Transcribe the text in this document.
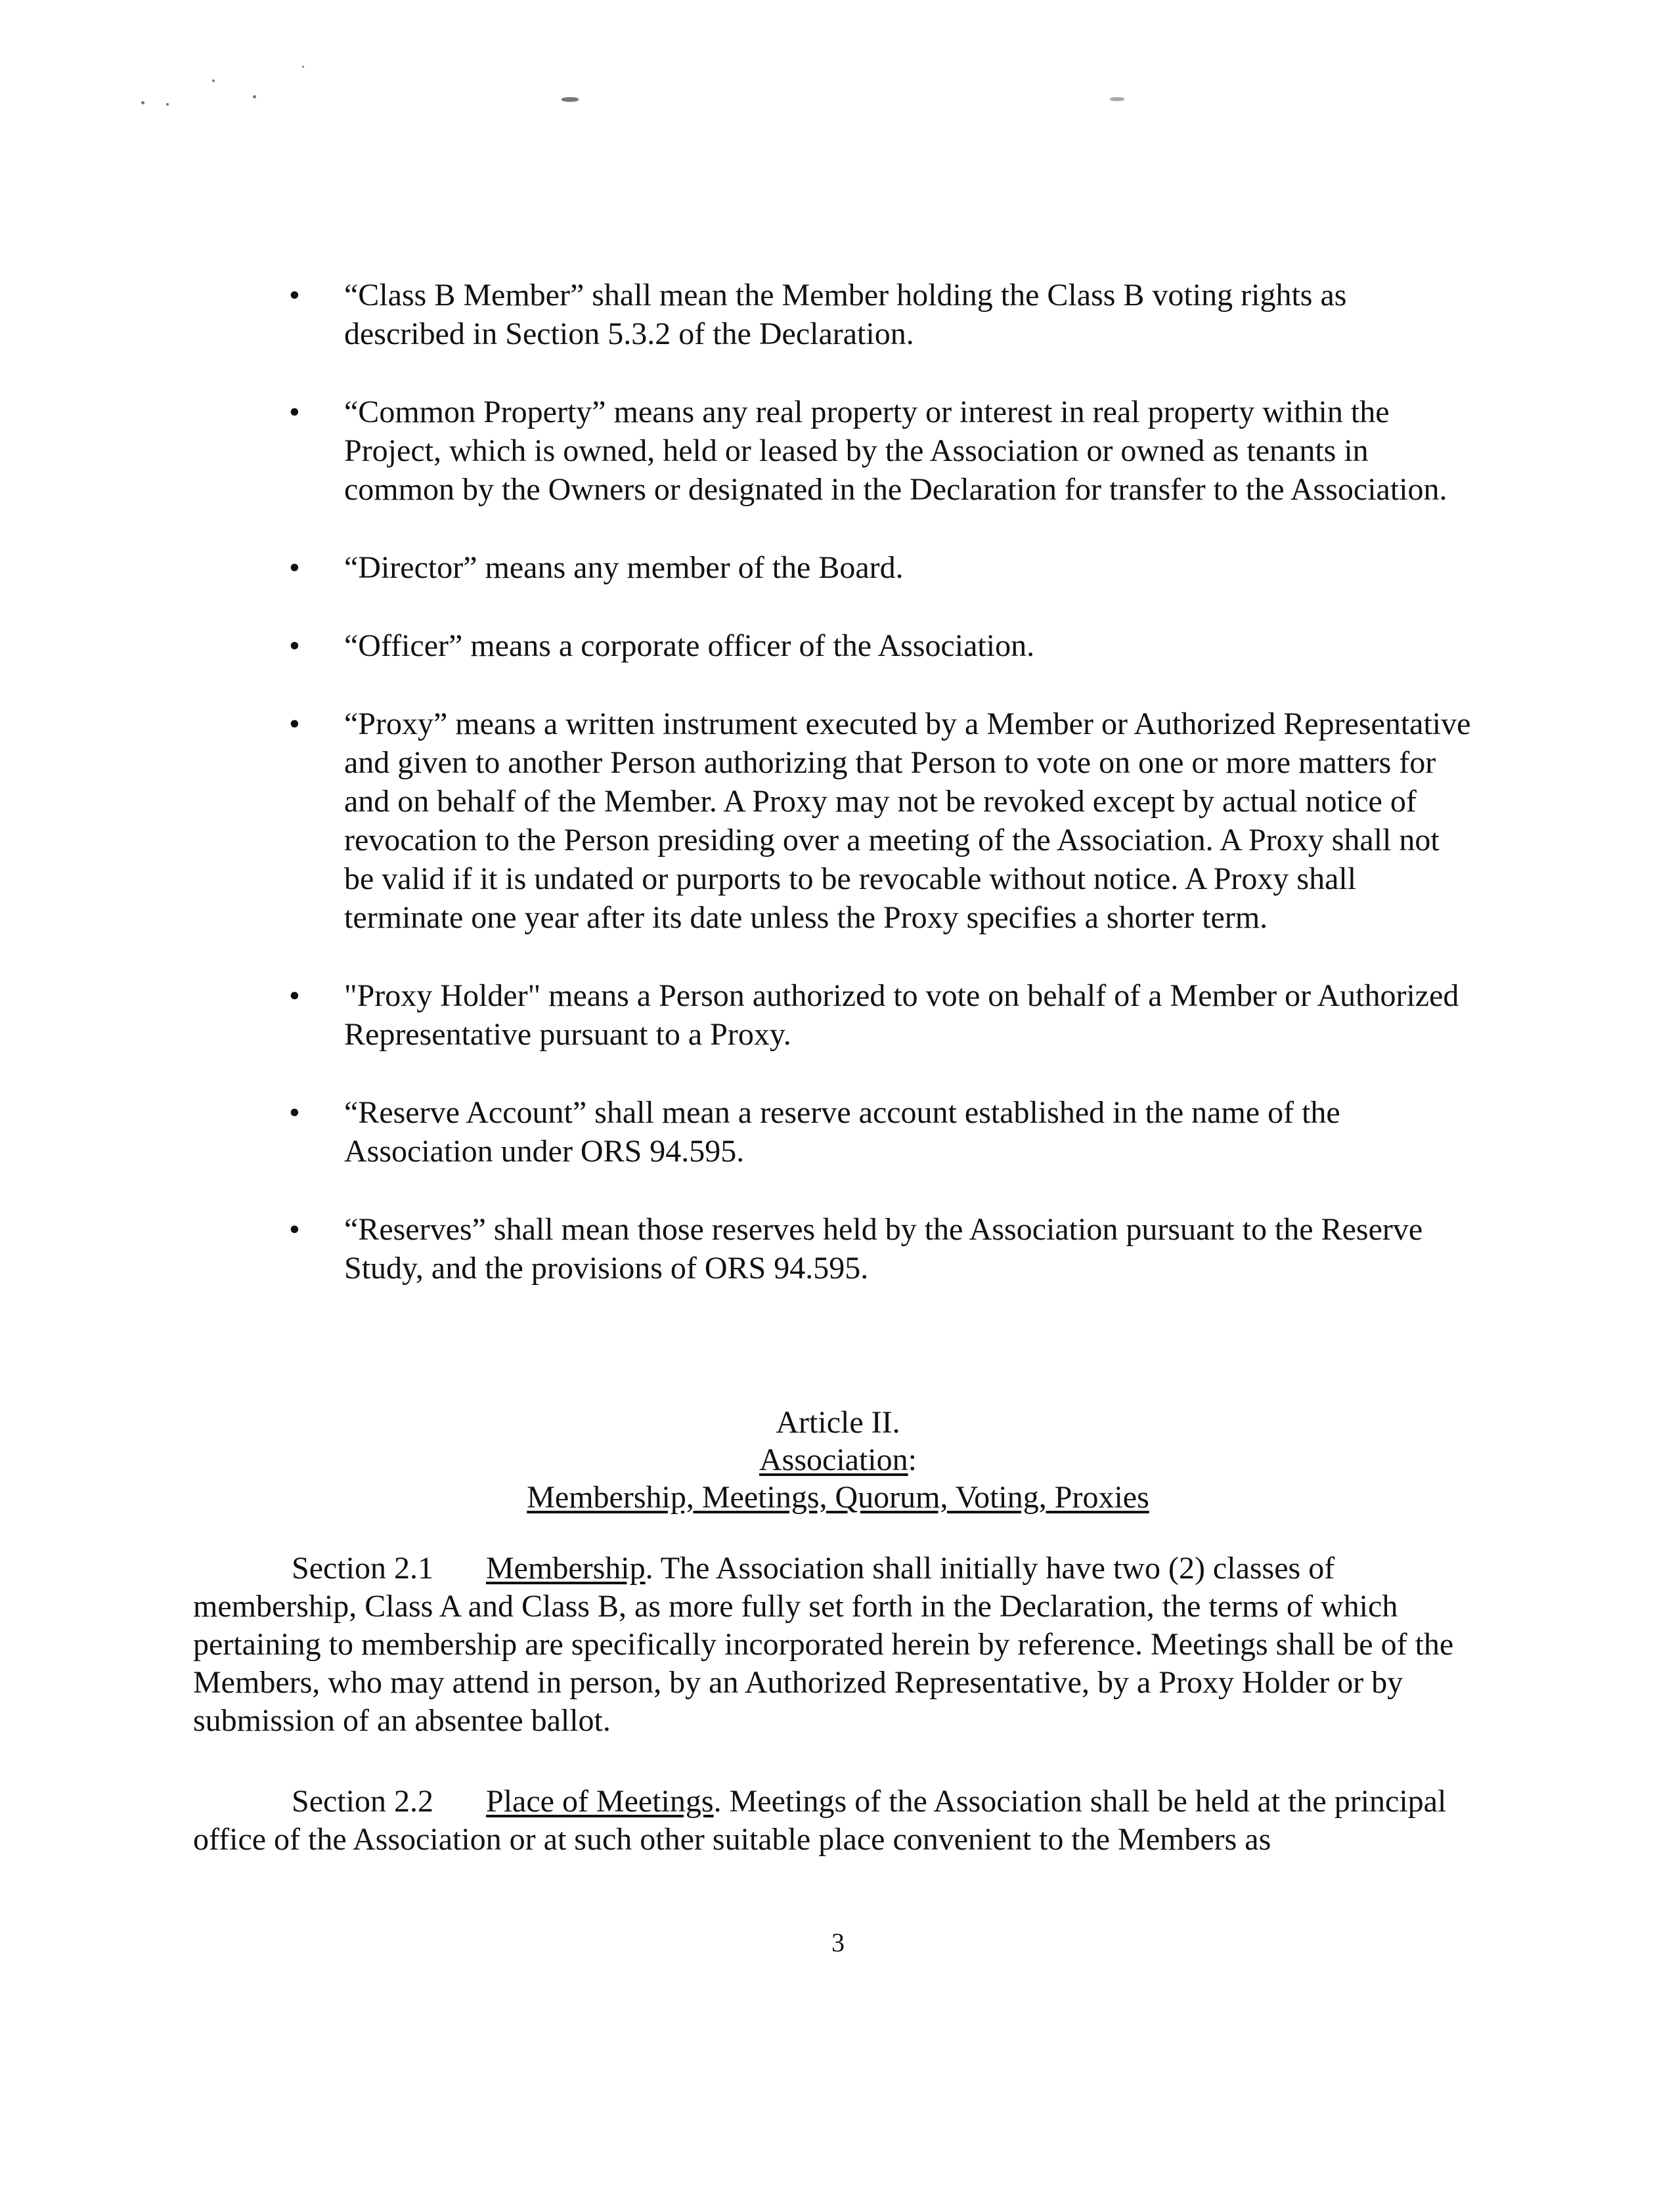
•	“Class B Member” shall mean the Member holding the Class B voting rights as described in Section 5.3.2 of the Declaration.
•	“Common Property” means any real property or interest in real property within the Project, which is owned, held or leased by the Association or owned as tenants in common by the Owners or designated in the Declaration for transfer to the Association.
•	“Director” means any member of the Board.
•	“Officer” means a corporate officer of the Association.
•	“Proxy” means a written instrument executed by a Member or Authorized Representative and given to another Person authorizing that Person to vote on one or more matters for and on behalf of the Member. A Proxy may not be revoked except by actual notice of revocation to the Person presiding over a meeting of the Association. A Proxy shall not be valid if it is undated or purports to be revocable without notice. A Proxy shall terminate one year after its date unless the Proxy specifies a shorter term.
•	"Proxy Holder" means a Person authorized to vote on behalf of a Member or Authorized Representative pursuant to a Proxy.
•	“Reserve Account” shall mean a reserve account established in the name of the Association under ORS 94.595.
•	“Reserves” shall mean those reserves held by the Association pursuant to the Reserve Study, and the provisions of ORS 94.595.
Article II.
Association:
Membership, Meetings, Quorum, Voting, Proxies

Section 2.1 Membership. The Association shall initially have two (2) classes of membership, Class A and Class B, as more fully set forth in the Declaration, the terms of which pertaining to membership are specifically incorporated herein by reference. Meetings shall be of the Members, who may attend in person, by an Authorized Representative, by a Proxy Holder or by submission of an absentee ballot.

Section 2.2 Place of Meetings. Meetings of the Association shall be held at the principal office of the Association or at such other suitable place convenient to the Members as

3
